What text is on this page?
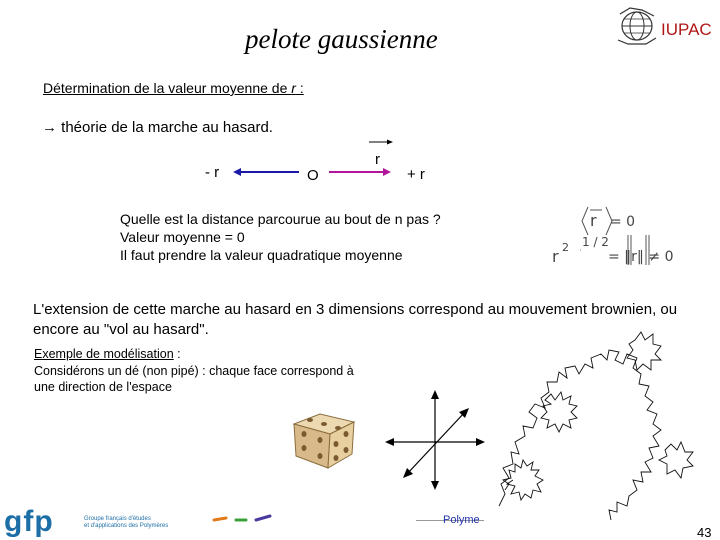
pelote gaussienne	IUPAC
Détermination de la valeur moyenne de r :
→ théorie de la marche au hasard.
- r	O	+ r
r
Quelle est la distance parcourue au bout de n pas ?
Valeur moyenne = 0
Il faut prendre la valeur quadratique moyenne
r = 0
r 2 1 / 2
= ‖r‖ ≠ 0
L'extension de cette marche au hasard en 3 dimensions correspond au mouvement brownien, ou encore au "vol au hasard".
Exemple de modélisation :
Considérons un dé (non pipé) : chaque face correspond à
une direction de l'espace
gfp	Groupe français d'études
et d'applications des Polymères	Polyme
43
